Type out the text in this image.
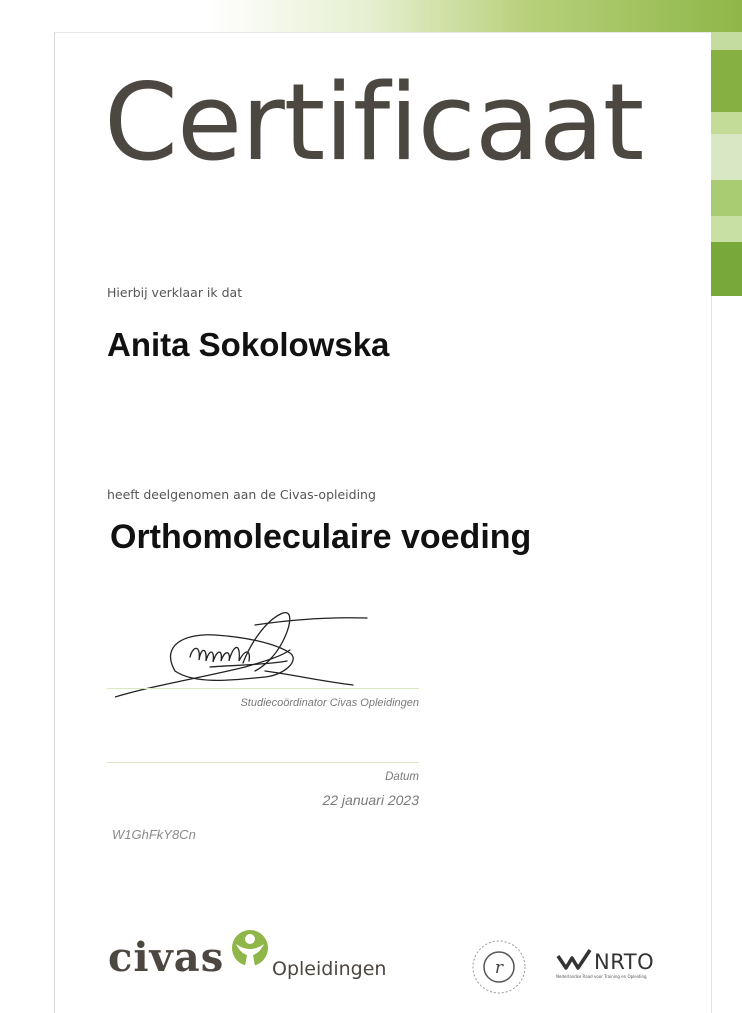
Certificaat
Hierbij verklaar ik dat
Anita Sokolowska
heeft deelgenomen aan de Civas-opleiding
Orthomoleculaire voeding
Studiecoördinator Civas Opleidingen
Datum
22 januari 2023
W1GhFkY8Cn
civas	Opleidingen	r	NRTO
Nederlandse Raad voor Training en Opleiding
